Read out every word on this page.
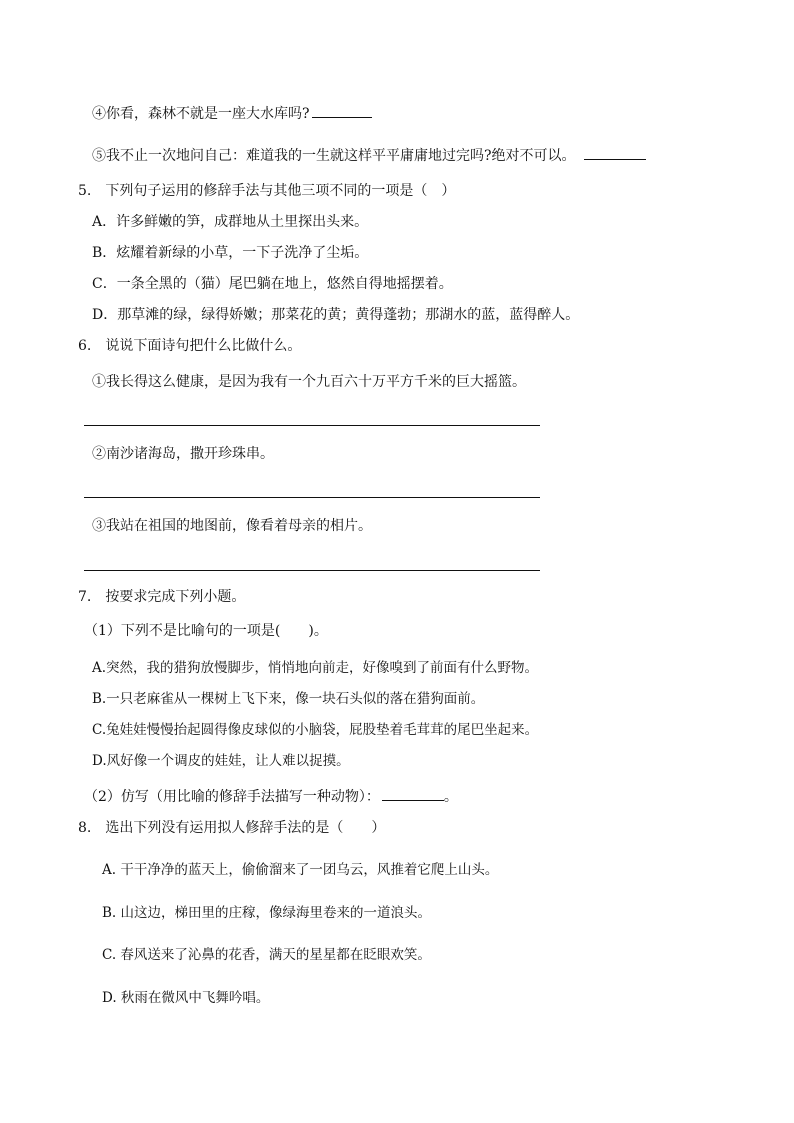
④你看，森林不就是一座大水库吗?
⑤我不止一次地问自己：难道我的一生就这样平平庸庸地过完吗?绝对不可以。
5.　下列句子运用的修辞手法与其他三项不同的一项是（　）
A．许多鲜嫩的笋，成群地从土里探出头来。
B．炫耀着新绿的小草，一下子洗净了尘垢。
C．一条全黑的（猫）尾巴躺在地上，悠然自得地摇摆着。
D．那草滩的绿，绿得娇嫩；那菜花的黄；黄得蓬勃；那湖水的蓝，蓝得醉人。
6.　说说下面诗句把什么比做什么。
①我长得这么健康，是因为我有一个九百六十万平方千米的巨大摇篮。
②南沙诸海岛，撒开珍珠串。
③我站在祖国的地图前，像看着母亲的相片。
7.　按要求完成下列小题。
（1）下列不是比喻句的一项是(　　)。
A.突然，我的猎狗放慢脚步，悄悄地向前走，好像嗅到了前面有什么野物。
B.一只老麻雀从一棵树上飞下来，像一块石头似的落在猎狗面前。
C.兔娃娃慢慢抬起圆得像皮球似的小脑袋，屁股垫着毛茸茸的尾巴坐起来。
D.风好像一个调皮的娃娃，让人难以捉摸。
（2）仿写（用比喻的修辞手法描写一种动物）：	。
8.　选出下列没有运用拟人修辞手法的是（　　）
A. 干干净净的蓝天上，偷偷溜来了一团乌云，风推着它爬上山头。
B. 山这边，梯田里的庄稼，像绿海里卷来的一道浪头。
C. 春风送来了沁鼻的花香，满天的星星都在眨眼欢笑。
D. 秋雨在微风中飞舞吟唱。
